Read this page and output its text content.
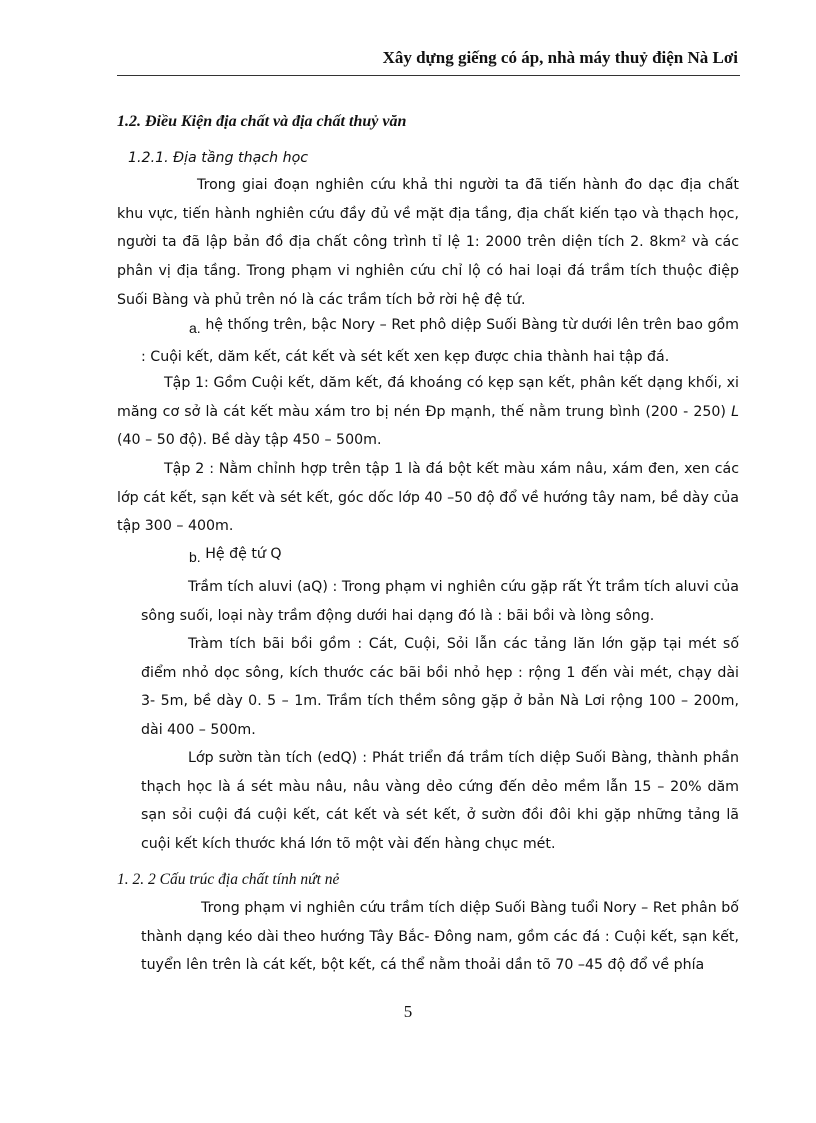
Xây dựng giếng có áp, nhà máy thuỷ điện Nà Lơi
1.2. Điều Kiện địa chất và địa chất thuỷ văn
1.2.1. Địa tầng thạch học
Trong giai đoạn nghiên cứu khả thi người ta đã tiến hành đo dạc địa chất khu vực, tiến hành nghiên cứu đầy đủ về mặt địa tầng, địa chất kiến tạo và thạch học, người ta đã lập bản đồ địa chất công trình tỉ lệ 1: 2000 trên diện tích 2. 8km² và các phân vị địa tầng. Trong phạm vi nghiên cứu chỉ lộ có hai loại đá trầm tích thuộc điệp Suối Bàng và phủ trên nó là các trầm tích bở rời hệ đệ tứ.
a. hệ thống trên, bậc Nory – Ret phô diệp Suối Bàng từ dưới lên trên bao gồm : Cuội kết, dăm kết, cát kết và sét kết xen kẹp được chia thành hai tập đá.
Tập 1: Gồm Cuội kết, dăm kết, đá khoáng có kẹp sạn kết, phân kết dạng khối, xi măng cơ sở là cát kết màu xám tro bị nén Đp mạnh, thế nằm trung bình (200 - 250) L (40 – 50 độ). Bề dày tập 450 – 500m.
Tập 2 : Nằm chỉnh hợp trên tập 1 là đá bột kết màu xám nâu, xám đen, xen các lớp cát kết, sạn kết và sét kết, góc dốc lớp 40 –50 độ đổ về hướng tây nam, bề dày của tập 300 – 400m.
b. Hệ đệ tứ Q
Trầm tích aluvi (aQ) : Trong phạm vi nghiên cứu gặp rất Ýt trầm tích aluvi của sông suối, loại này trầm động dưới hai dạng đó là : bãi bồi và lòng sông.
Tràm tích bãi bồi gồm : Cát, Cuội, Sỏi lẫn các tảng lăn lớn gặp tại mét số điểm nhỏ dọc sông, kích thước các bãi bồi nhỏ hẹp : rộng 1 đến vài mét, chạy dài 3- 5m, bề dày 0. 5 – 1m. Trầm tích thềm sông gặp ở bản Nà Lơi rộng 100 – 200m, dài 400 – 500m.
Lớp sườn tàn tích (edQ) : Phát triển đá trầm tích diệp Suối Bàng, thành phần thạch học là á sét màu nâu, nâu vàng dẻo cứng đến dẻo mềm lẫn 15 – 20% dăm sạn sỏi cuội đá cuội kết, cát kết và sét kết, ở sườn đồi đôi khi gặp những tảng lã cuội kết kích thước khá lớn tõ một vài đến hàng chục mét.
1. 2. 2 Cấu trúc địa chất tính nứt nẻ
Trong phạm vi nghiên cứu trầm tích diệp Suối Bàng tuổi Nory – Ret phân bố thành dạng kéo dài theo hướng Tây Bắc- Đông nam, gồm các đá : Cuội kết, sạn kết, tuyển lên trên là cát kết, bột kết, cá thể nằm thoải dần tõ 70 –45 độ đổ về phía
5
